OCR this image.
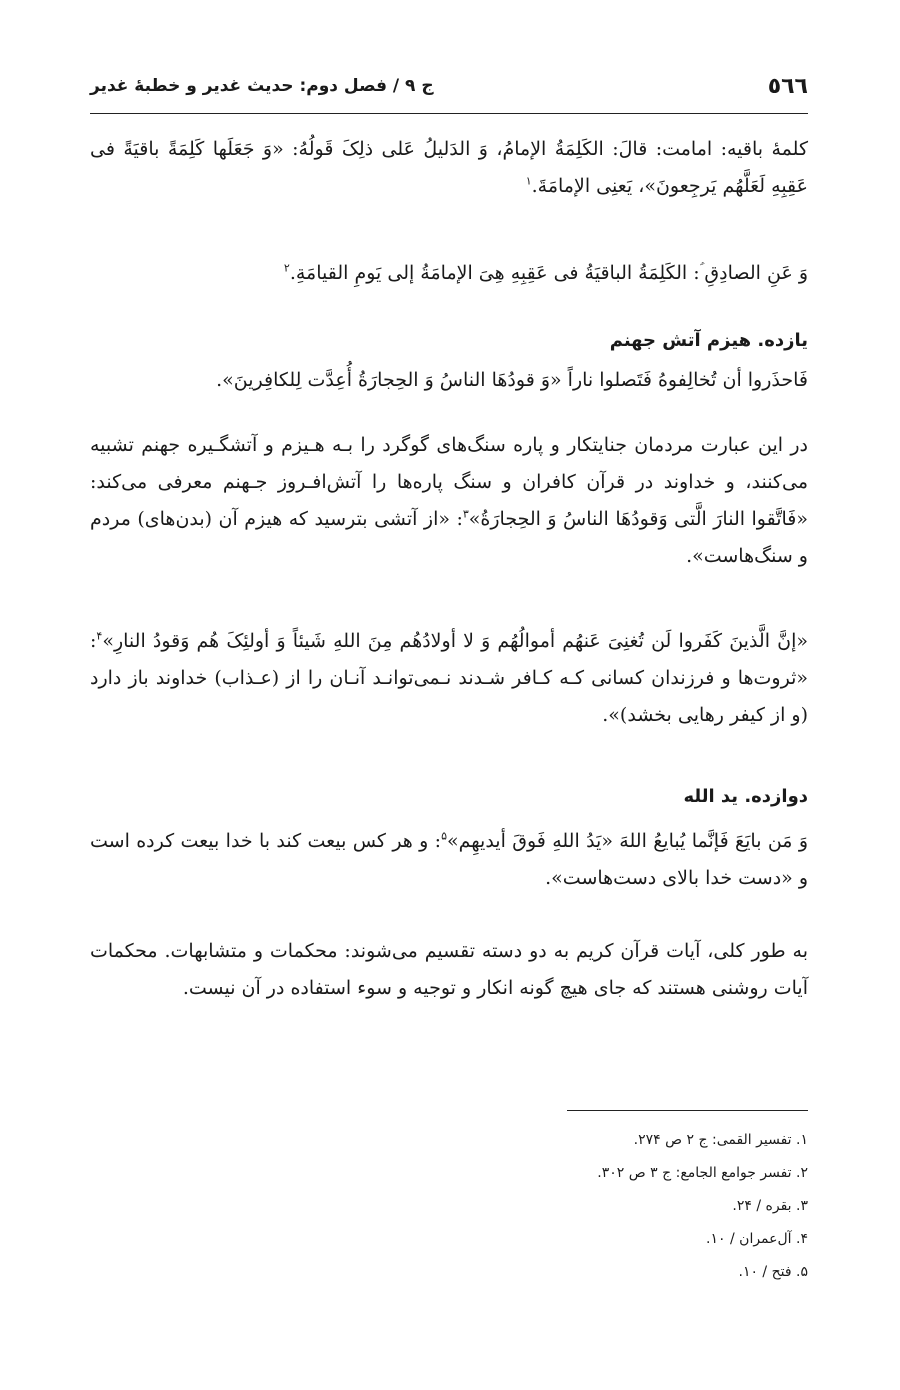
٥٦٦
ج ۹ / فصل دوم: حدیث غدیر و خطبهٔ غدیر

کلمهٔ باقیه: امامت: قالَ: الکَلِمَةُ الإمامُ، وَ الدَلیلُ عَلی ذلِکَ قَولُهُ: «وَ جَعَلَها کَلِمَةً باقیَةً فی عَقِبِهِ لَعَلَّهُم یَرجِعونَ»، یَعنِی الإمامَةَ.$^۱$

وَ عَنِ الصادِقِ ؑ: الکَلِمَةُ الباقیَةُ فی عَقِبِهِ هِیَ الإمامَةُ إلی یَومِ القیامَةِ.$^۲$

یازده. هیزم آتش جهنم

فَاحذَروا أن تُخالِفوهُ فَتَصلوا ناراً «وَ قودُهَا الناسُ وَ الحِجارَةُ أُعِدَّت لِلکافِرینَ».

در این عبارت مردمان جنایتکار و پاره سنگ‌های گوگرد را بـه هـیزم و آتشگـیره جهنم تشبیه می‌کنند، و خداوند در قرآن کافران و سنگ پاره‌ها را آتش‌افـروز جـهنم معرفی می‌کند: «فَاتَّقوا النارَ الَّتی وَقودُهَا الناسُ وَ الحِجارَةُ»$^۳$: «از آتشی بترسید که هیزم آن (بدن‌های) مردم و سنگ‌هاست».

«إنَّ الَّذینَ کَفَروا لَن تُغنِیَ عَنهُم أموالُهُم وَ لا أولادُهُم مِنَ اللهِ شَیئاً وَ أولئِکَ هُم وَقودُ النارِ»$^۴$: «ثروت‌ها و فرزندان کسانی کـه کـافر شـدند نـمی‌توانـد آنـان را از (عـذاب) خداوند باز دارد (و از کیفر رهایی بخشد)».

دوازده. ید الله

وَ مَن بایَعَ فَإنَّما یُبایعُ اللهَ «یَدُ اللهِ فَوقَ أیدیهِم»$^۵$: و هر کس بیعت کند با خدا بیعت کرده است و «دست خدا بالای دست‌هاست».

به طور کلی، آیات قرآن کریم به دو دسته تقسیم می‌شوند: محکمات و متشابهات. محکمات آیات روشنی هستند که جای هیچ گونه انکار و توجیه و سوء استفاده در آن نیست.

۱. تفسیر القمی: ج ۲ ص ۲۷۴.
۲. تفسر جوامع الجامع: ج ۳ ص ۳۰۲.
۳. بقره / ۲۴.
۴. آل‌عمران / ۱۰.
۵. فتح / ۱۰.
